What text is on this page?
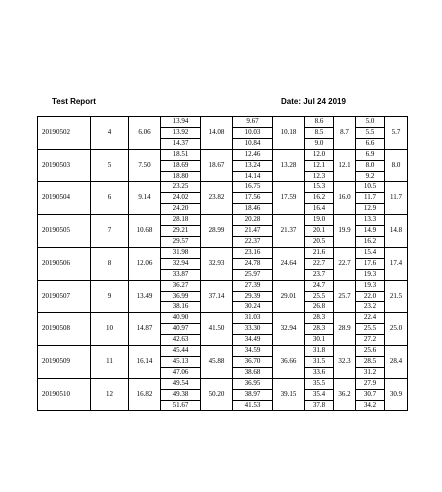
Test Report	Date: Jul 24 2019
20190502	4	6.06	13.94	14.08	9.67	10.18	8.6	8.7	5.0	5.7
			13.92		10.03		8.5		5.5	
			14.37		10.84		9.0		6.6	
20190503	5	7.50	18.51	18.67	12.46	13.28	12.0	12.1	6.9	8.0
			18.69		13.24		12.1		8.0	
			18.80		14.14		12.3		9.2	
20190504	6	9.14	23.25	23.82	16.75	17.59	15.3	16.0	10.5	11.7
			24.02		17.56		16.2		11.7	
			24.20		18.46		16.4		12.9	
20190505	7	10.68	28.18	28.99	20.28	21.37	19.0	19.9	13.3	14.8
			29.21		21.47		20.1		14.9	
			29.57		22.37		20.5		16.2	
20190506	8	12.06	31.98	32.93	23.16	24.64	21.6	22.7	15.4	17.4
			32.94		24.78		22.7		17.6	
			33.87		25.97		23.7		19.3	
20190507	9	13.49	36.27	37.14	27.39	29.01	24.7	25.7	19.3	21.5
			36.99		29.39		25.5		22.0	
			38.16		30.24		26.8		23.2	
20190508	10	14.87	40.90	41.50	31.03	32.94	28.3	28.9	22.4	25.0
			40.97		33.30		28.3		25.5	
			42.63		34.49		30.1		27.2	
20190509	11	16.14	45.44	45.88	34.59	36.66	31.8	32.3	25.6	28.4
			45.13		36.70		31.5		28.5	
			47.06		38.68		33.6		31.2	
20190510	12	16.82	49.54	50.20	36.95	39.15	35.5	36.2	27.9	30.9
			49.38		38.97		35.4		30.7	
			51.67		41.53		37.8		34.2	
